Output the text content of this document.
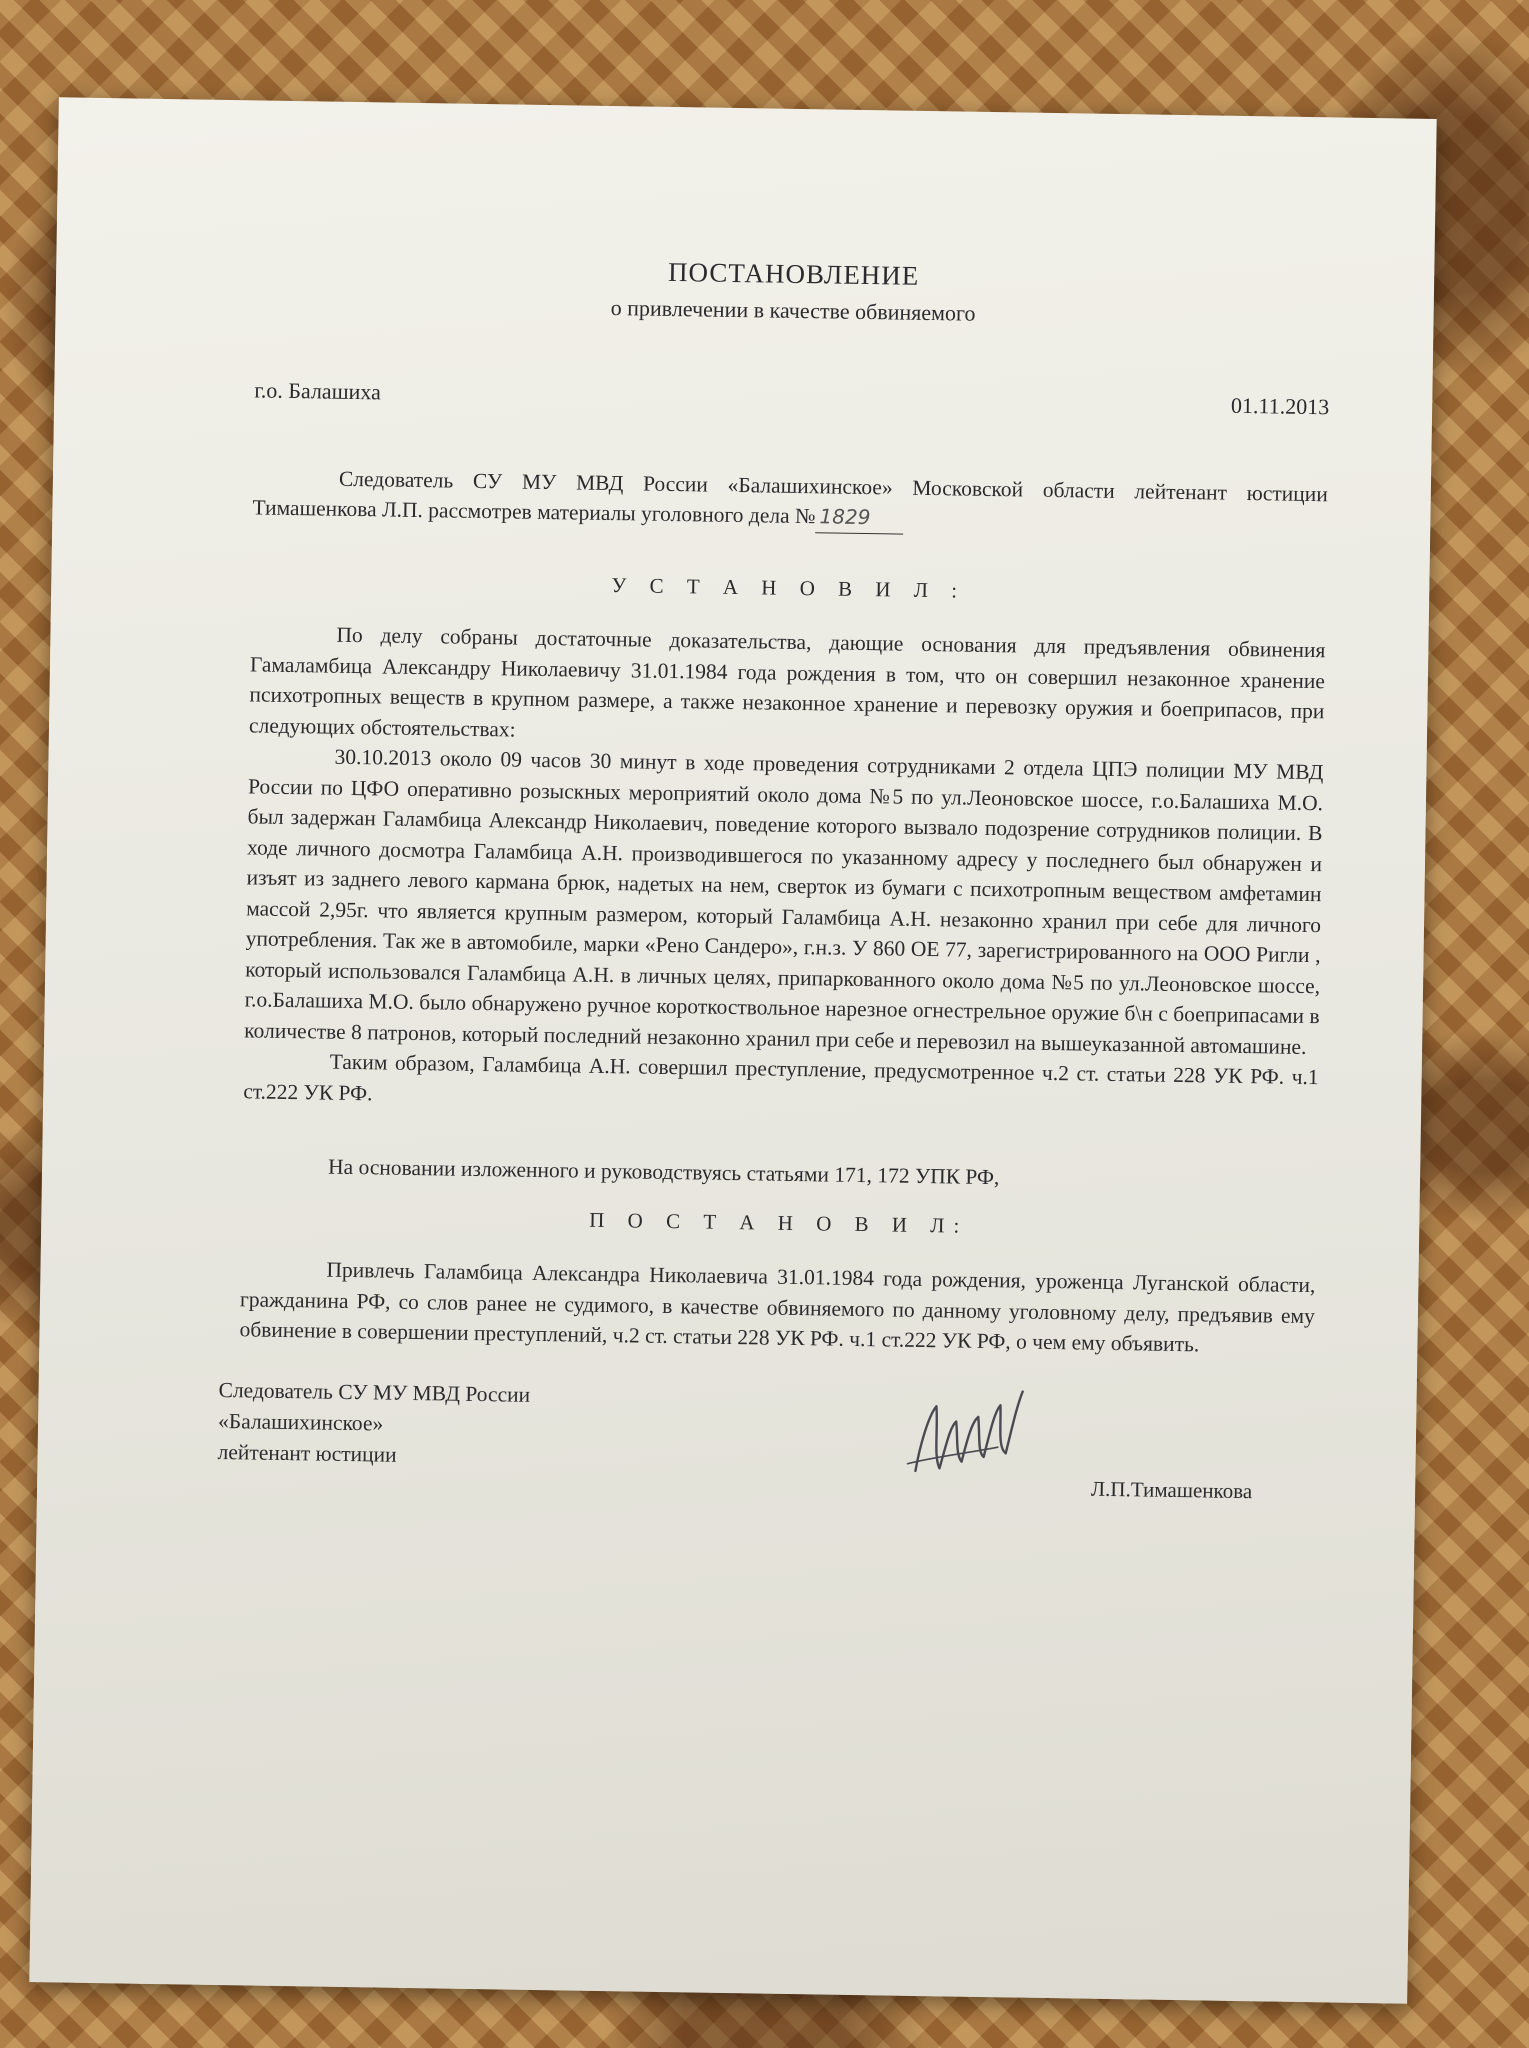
ПОСТАНОВЛЕНИЕ
о привлечении в качестве обвиняемого
г.о. Балашиха
01.11.2013

Следователь СУ МУ МВД России «Балашихинское» Московской области лейтенант юстиции Тимашенкова Л.П. рассмотрев материалы уголовного дела № 1829

У С Т А Н О В И Л :

По делу собраны достаточные доказательства, дающие основания для предъявления обвинения Гамаламбица Александру Николаевичу 31.01.1984 года рождения в том, что он совершил незаконное хранение психотропных веществ в крупном размере, а также незаконное хранение и перевозку оружия и боеприпасов, при следующих обстоятельствах:

30.10.2013 около 09 часов 30 минут в ходе проведения сотрудниками 2 отдела ЦПЭ полиции МУ МВД России по ЦФО оперативно розыскных мероприятий около дома №5 по ул.Леоновское шоссе, г.о.Балашиха М.О. был задержан Галамбица Александр Николаевич, поведение которого вызвало подозрение сотрудников полиции. В ходе личного досмотра Галамбица А.Н. производившегося по указанному адресу у последнего был обнаружен и изъят из заднего левого кармана брюк, надетых на нем, сверток из бумаги с психотропным веществом амфетамин массой 2,95г. что является крупным размером, который Галамбица А.Н. незаконно хранил при себе для личного употребления. Так же в автомобиле, марки «Рено Сандеро», г.н.з. У 860 ОЕ 77, зарегистрированного на ООО Ригли , который использовался Галамбица А.Н. в личных целях, припаркованного около дома №5 по ул.Леоновское шоссе, г.о.Балашиха М.О. было обнаружено ручное короткоствольное нарезное огнестрельное оружие б\н с боеприпасами в количестве 8 патронов, который последний незаконно хранил при себе и перевозил на вышеуказанной автомашине.

Таким образом, Галамбица А.Н. совершил преступление, предусмотренное ч.2 ст. статьи 228 УК РФ. ч.1 ст.222 УК РФ.

На основании изложенного и руководствуясь статьями 171, 172 УПК РФ,

П О С Т А Н О В И Л:

Привлечь Галамбица Александра Николаевича 31.01.1984 года рождения, уроженца Луганской области, гражданина РФ, со слов ранее не судимого, в качестве обвиняемого по данному уголовному делу, предъявив ему обвинение в совершении преступлений, ч.2 ст. статьи 228 УК РФ. ч.1 ст.222 УК РФ, о чем ему объявить.

Следователь СУ МУ МВД России
«Балашихинское»
лейтенант юстиции
Л.П.Тимашенкова
